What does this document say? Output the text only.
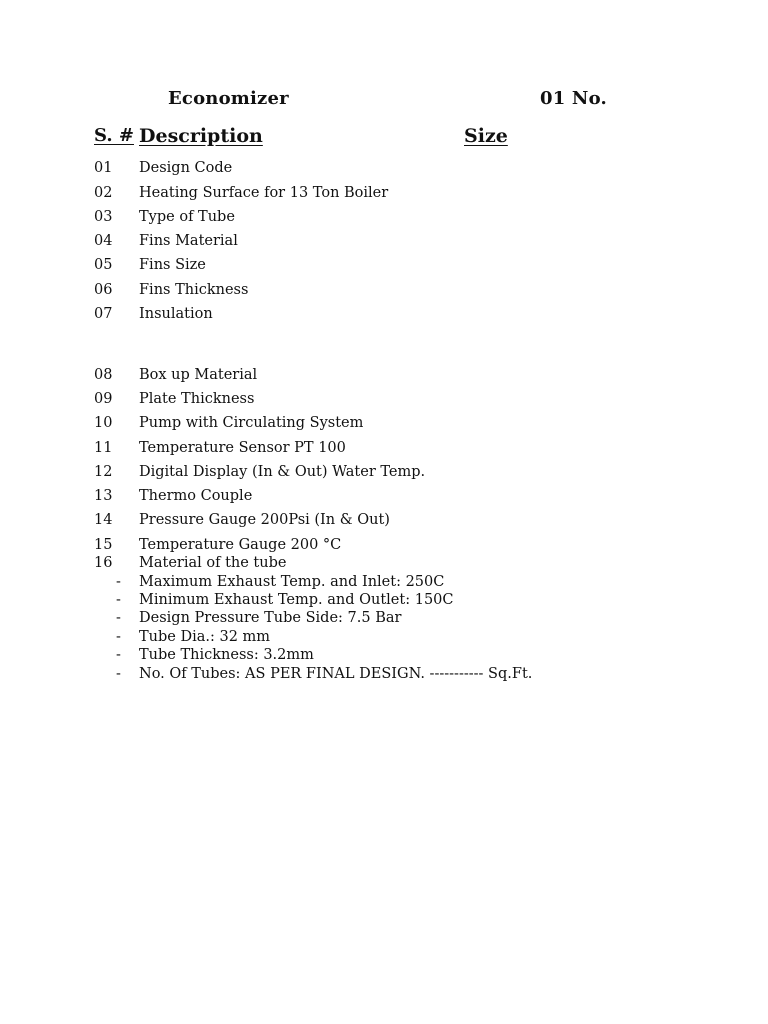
Economizer	01 No.
S. # Description	Size
01 Design Code
02 Heating Surface for 13 Ton Boiler
03 Type of Tube
04 Fins Material
05 Fins Size
06 Fins Thickness
07 Insulation
08 Box up Material
09 Plate Thickness
10 Pump with Circulating System
11 Temperature Sensor PT 100
12 Digital Display (In & Out) Water Temp.
13 Thermo Couple
14 Pressure Gauge 200Psi (In & Out)
15 Temperature Gauge 200 °C
16 Material of the tube
- Maximum Exhaust Temp. and Inlet: 250C
- Minimum Exhaust Temp. and Outlet: 150C
- Design Pressure Tube Side: 7.5 Bar
- Tube Dia.: 32 mm
- Tube Thickness: 3.2mm
- No. Of Tubes: AS PER FINAL DESIGN. ----------- Sq.Ft.
